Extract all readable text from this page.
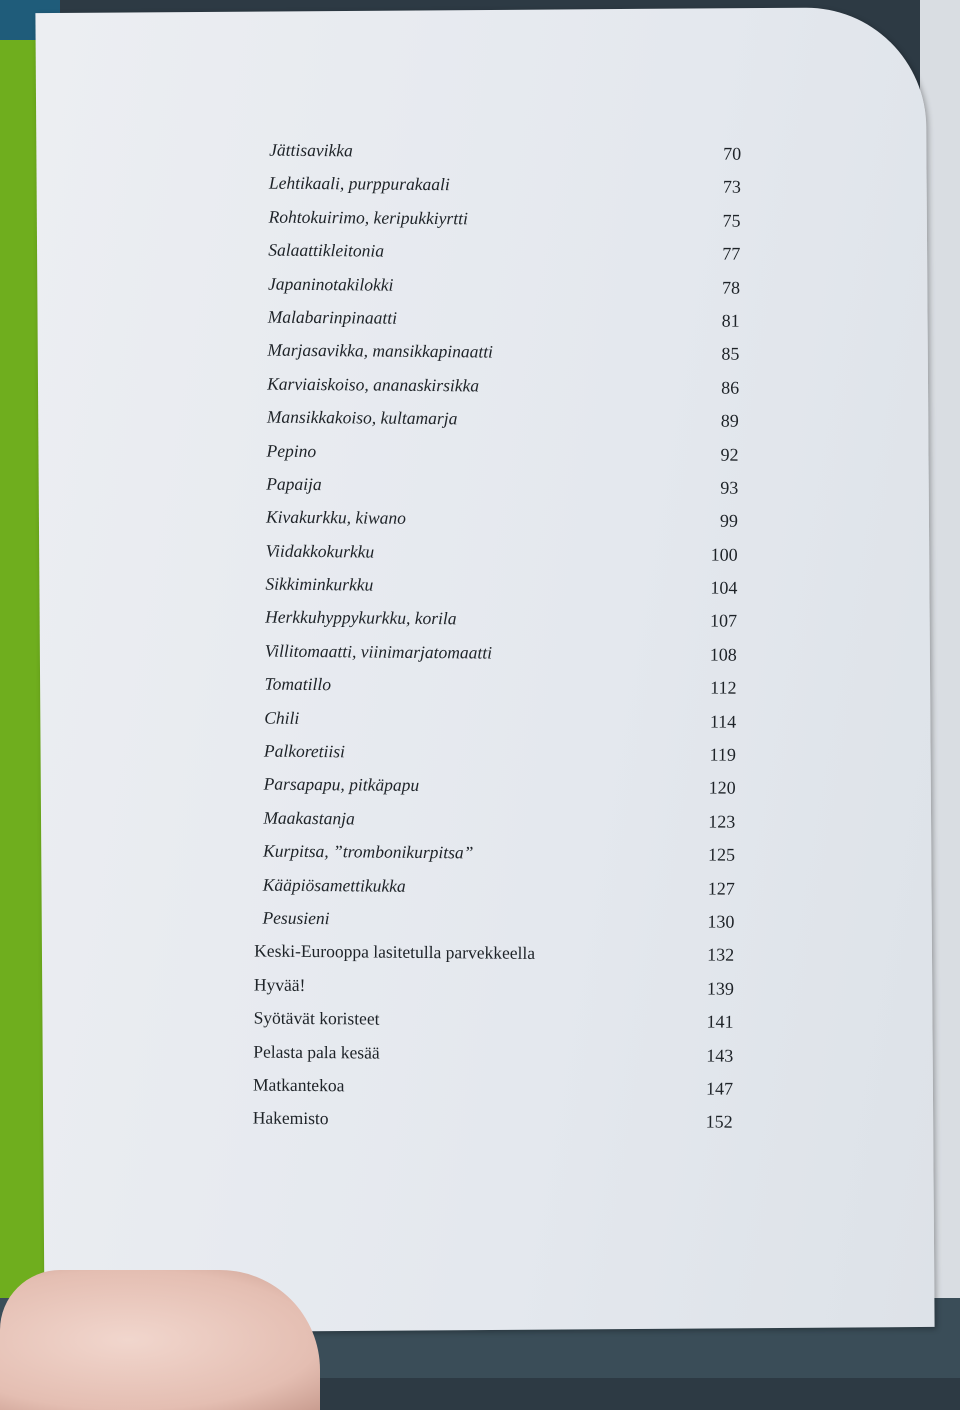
Jättisavikka	70
Lehtikaali, purppurakaali	73
Rohtokuirimo, keripukkiyrtti	75
Salaattikleitonia	77
Japaninotakilokki	78
Malabarinpinaatti	81
Marjasavikka, mansikkapinaatti	85
Karviaiskoiso, ananaskirsikka	86
Mansikkakoiso, kultamarja	89
Pepino	92
Papaija	93
Kivakurkku, kiwano	99
Viidakkokurkku	100
Sikkiminkurkku	104
Herkkuhyppykurkku, korila	107
Villitomaatti, viinimarjatomaatti	108
Tomatillo	112
Chili	114
Palkoretiisi	119
Parsapapu, pitkäpapu	120
Maakastanja	123
Kurpitsa, ”trombonikurpitsa”	125
Kääpiösamettikukka	127
Pesusieni	130
Keski-Eurooppa lasitetulla parvekkeella	132
Hyvää!	139
Syötävät koristeet	141
Pelasta pala kesää	143
Matkantekoa	147
Hakemisto	152
